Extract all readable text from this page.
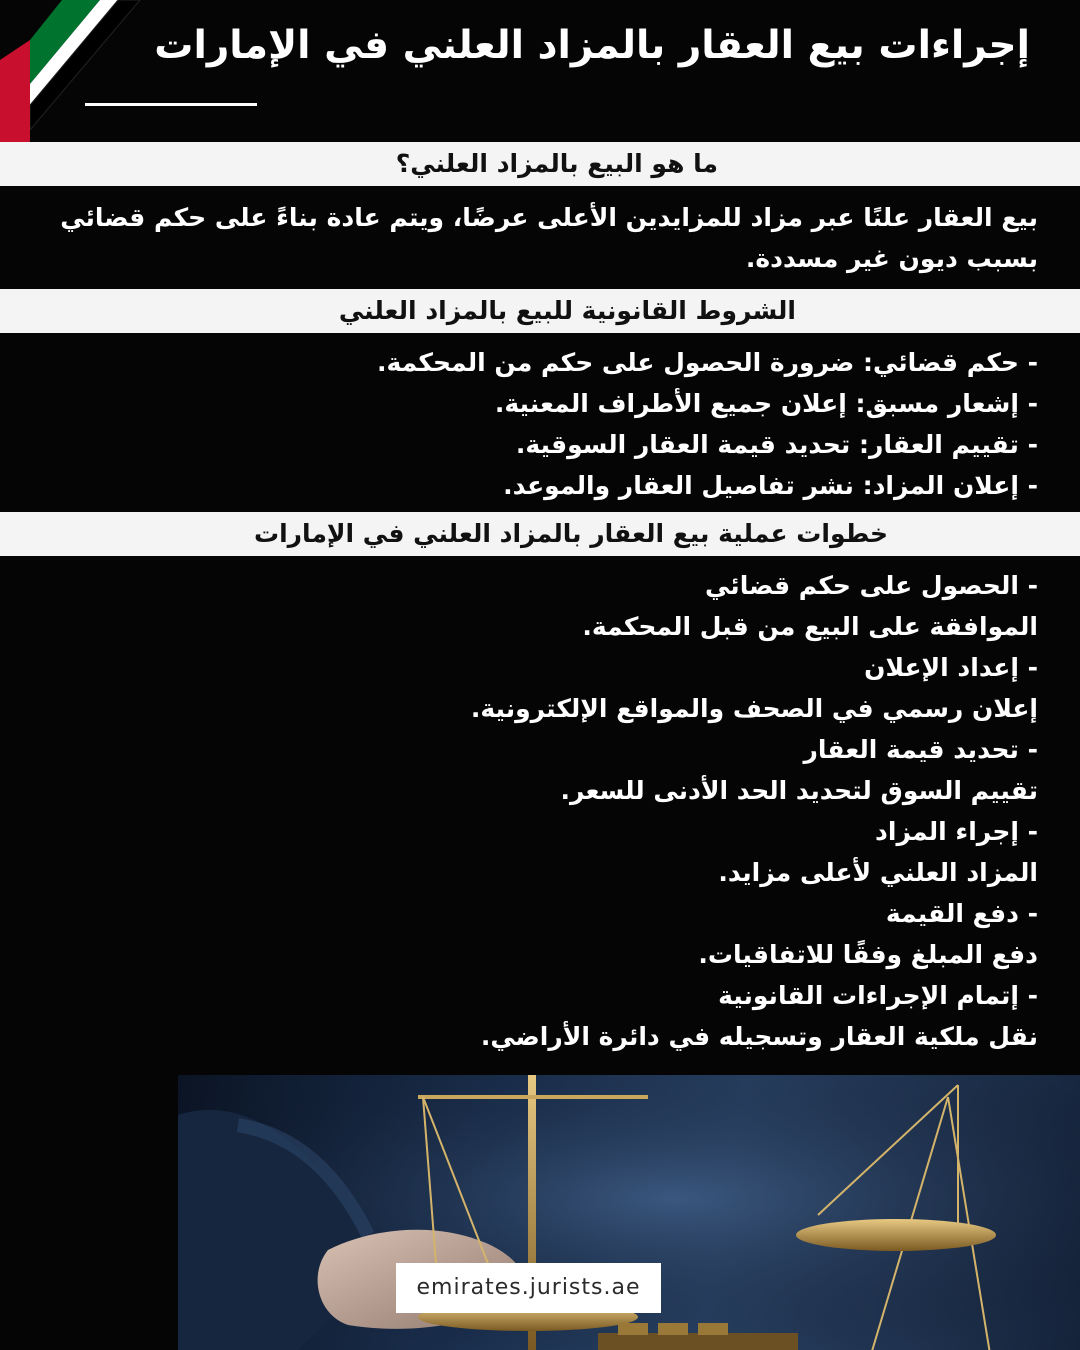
إجراءات بيع العقار بالمزاد العلني في الإمارات
ما هو البيع بالمزاد العلني؟

بيع العقار علنًا عبر مزاد للمزايدين الأعلى عرضًا، ويتم عادة بناءً على حكم قضائي بسبب ديون غير مسددة.

الشروط القانونية للبيع بالمزاد العلني
- حكم قضائي: ضرورة الحصول على حكم من المحكمة.
- إشعار مسبق: إعلان جميع الأطراف المعنية.
- تقييم العقار: تحديد قيمة العقار السوقية.
- إعلان المزاد: نشر تفاصيل العقار والموعد.
خطوات عملية بيع العقار بالمزاد العلني في الإمارات
- الحصول على حكم قضائي
الموافقة على البيع من قبل المحكمة.
- إعداد الإعلان
إعلان رسمي في الصحف والمواقع الإلكترونية.
- تحديد قيمة العقار
تقييم السوق لتحديد الحد الأدنى للسعر.
- إجراء المزاد
المزاد العلني لأعلى مزايد.
- دفع القيمة
دفع المبلغ وفقًا للاتفاقيات.
- إتمام الإجراءات القانونية
نقل ملكية العقار وتسجيله في دائرة الأراضي.
emirates.jurists.ae
